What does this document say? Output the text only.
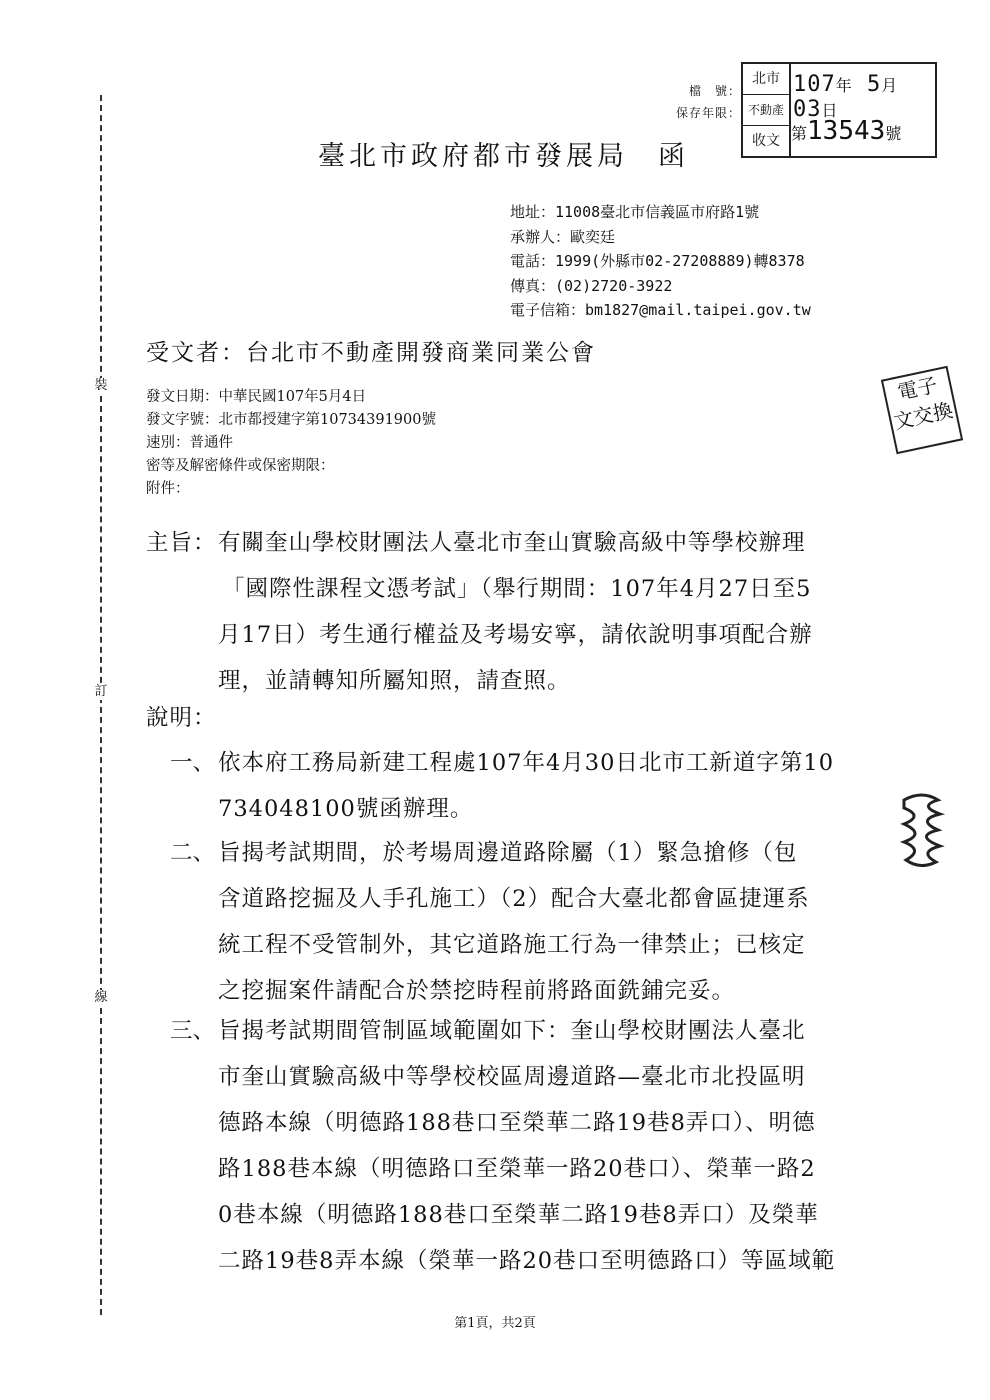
裝
訂
線
檔　號：
保存年限：
北市
不動產
收文
107年 5月 03日
第13543號
臺北市政府都市發展局 函
地址：11008臺北市信義區市府路1號
承辦人：歐奕廷
電話：1999(外縣市02-27208889)轉8378
傳真：(02)2720-3922
電子信箱：bm1827@mail.taipei.gov.tw
受文者：台北市不動產開發商業同業公會
發文日期：中華民國107年5月4日
發文字號：北市都授建字第10734391900號
速別：普通件
密等及解密條件或保密期限：
附件：
電子
文交換
主旨： 有關奎山學校財團法人臺北市奎山實驗高級中等學校辦理
「國際性課程文憑考試」（舉行期間：107年4月27日至5
月17日）考生通行權益及考場安寧，請依說明事項配合辦
理，並請轉知所屬知照，請查照。
說明：
一、 依本府工務局新建工程處107年4月30日北市工新道字第10
734048100號函辦理。
二、 旨揭考試期間，於考場周邊道路除屬（1）緊急搶修（包
含道路挖掘及人手孔施工）（2）配合大臺北都會區捷運系
統工程不受管制外，其它道路施工行為一律禁止；已核定
之挖掘案件請配合於禁挖時程前將路面銑鋪完妥。
三、 旨揭考試期間管制區域範圍如下：奎山學校財團法人臺北
市奎山實驗高級中等學校校區周邊道路—臺北市北投區明
德路本線（明德路188巷口至榮華二路19巷8弄口）、明德
路188巷本線（明德路口至榮華一路20巷口）、榮華一路2
0巷本線（明德路188巷口至榮華二路19巷8弄口）及榮華
二路19巷8弄本線（榮華一路20巷口至明德路口）等區域範
第1頁，共2頁
